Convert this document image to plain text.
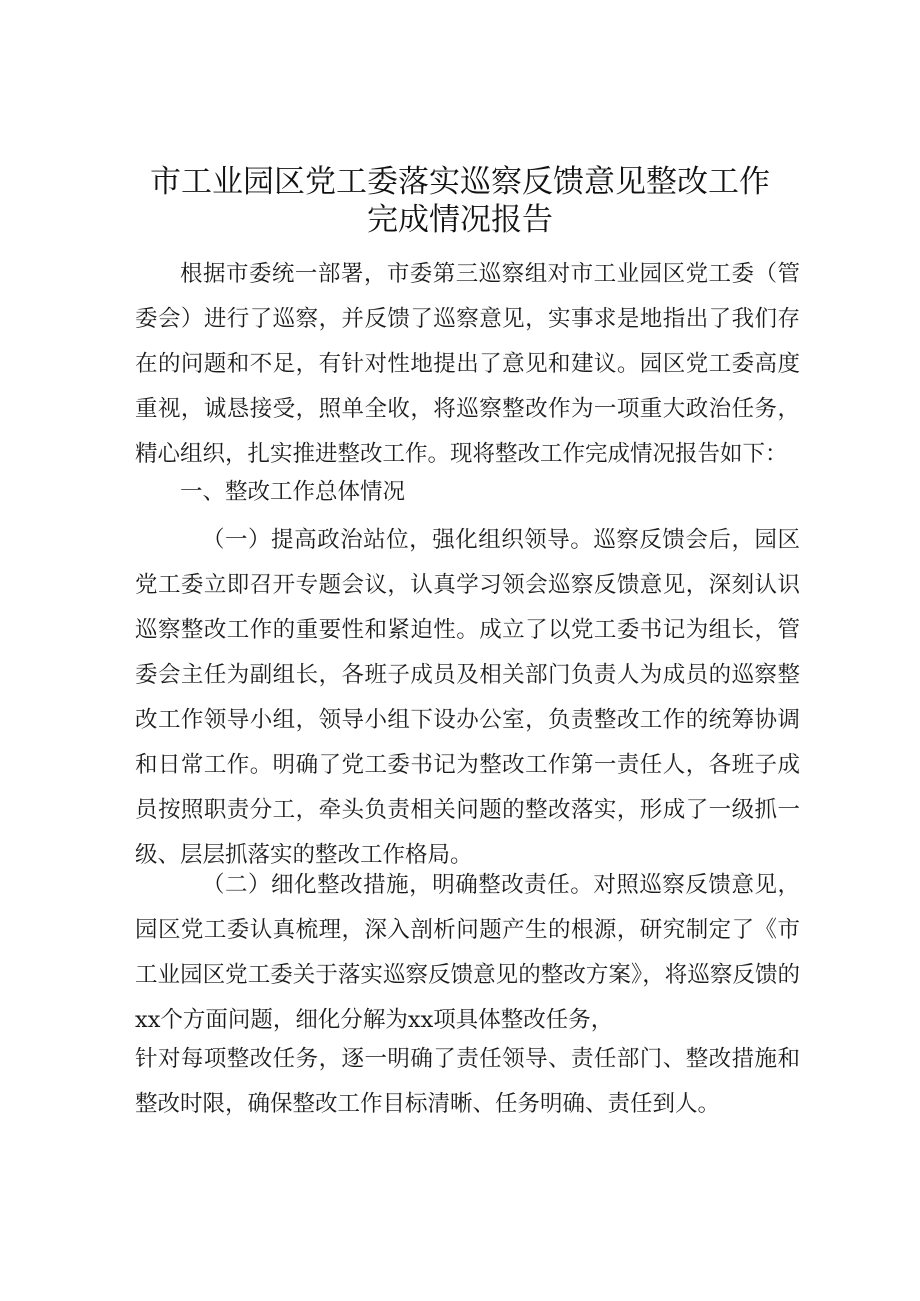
市工业园区党工委落实巡察反馈意见整改工作
完成情况报告

根据市委统一部署，市委第三巡察组对市工业园区党工委（管委会）进行了巡察，并反馈了巡察意见，实事求是地指出了我们存在的问题和不足，有针对性地提出了意见和建议。园区党工委高度重视，诚恳接受，照单全收，将巡察整改作为一项重大政治任务，精心组织，扎实推进整改工作。现将整改工作完成情况报告如下：

一、整改工作总体情况

（一）提高政治站位，强化组织领导。巡察反馈会后，园区党工委立即召开专题会议，认真学习领会巡察反馈意见，深刻认识巡察整改工作的重要性和紧迫性。成立了以党工委书记为组长，管委会主任为副组长，各班子成员及相关部门负责人为成员的巡察整改工作领导小组，领导小组下设办公室，负责整改工作的统筹协调和日常工作。明确了党工委书记为整改工作第一责任人，各班子成员按照职责分工，牵头负责相关问题的整改落实，形成了一级抓一级、层层抓落实的整改工作格局。

（二）细化整改措施，明确整改责任。对照巡察反馈意见，园区党工委认真梳理，深入剖析问题产生的根源，研究制定了《市工业园区党工委关于落实巡察反馈意见的整改方案》，将巡察反馈的xx个方面问题，细化分解为xx项具体整改任务，

针对每项整改任务，逐一明确了责任领导、责任部门、整改措施和整改时限，确保整改工作目标清晰、任务明确、责任到人。
